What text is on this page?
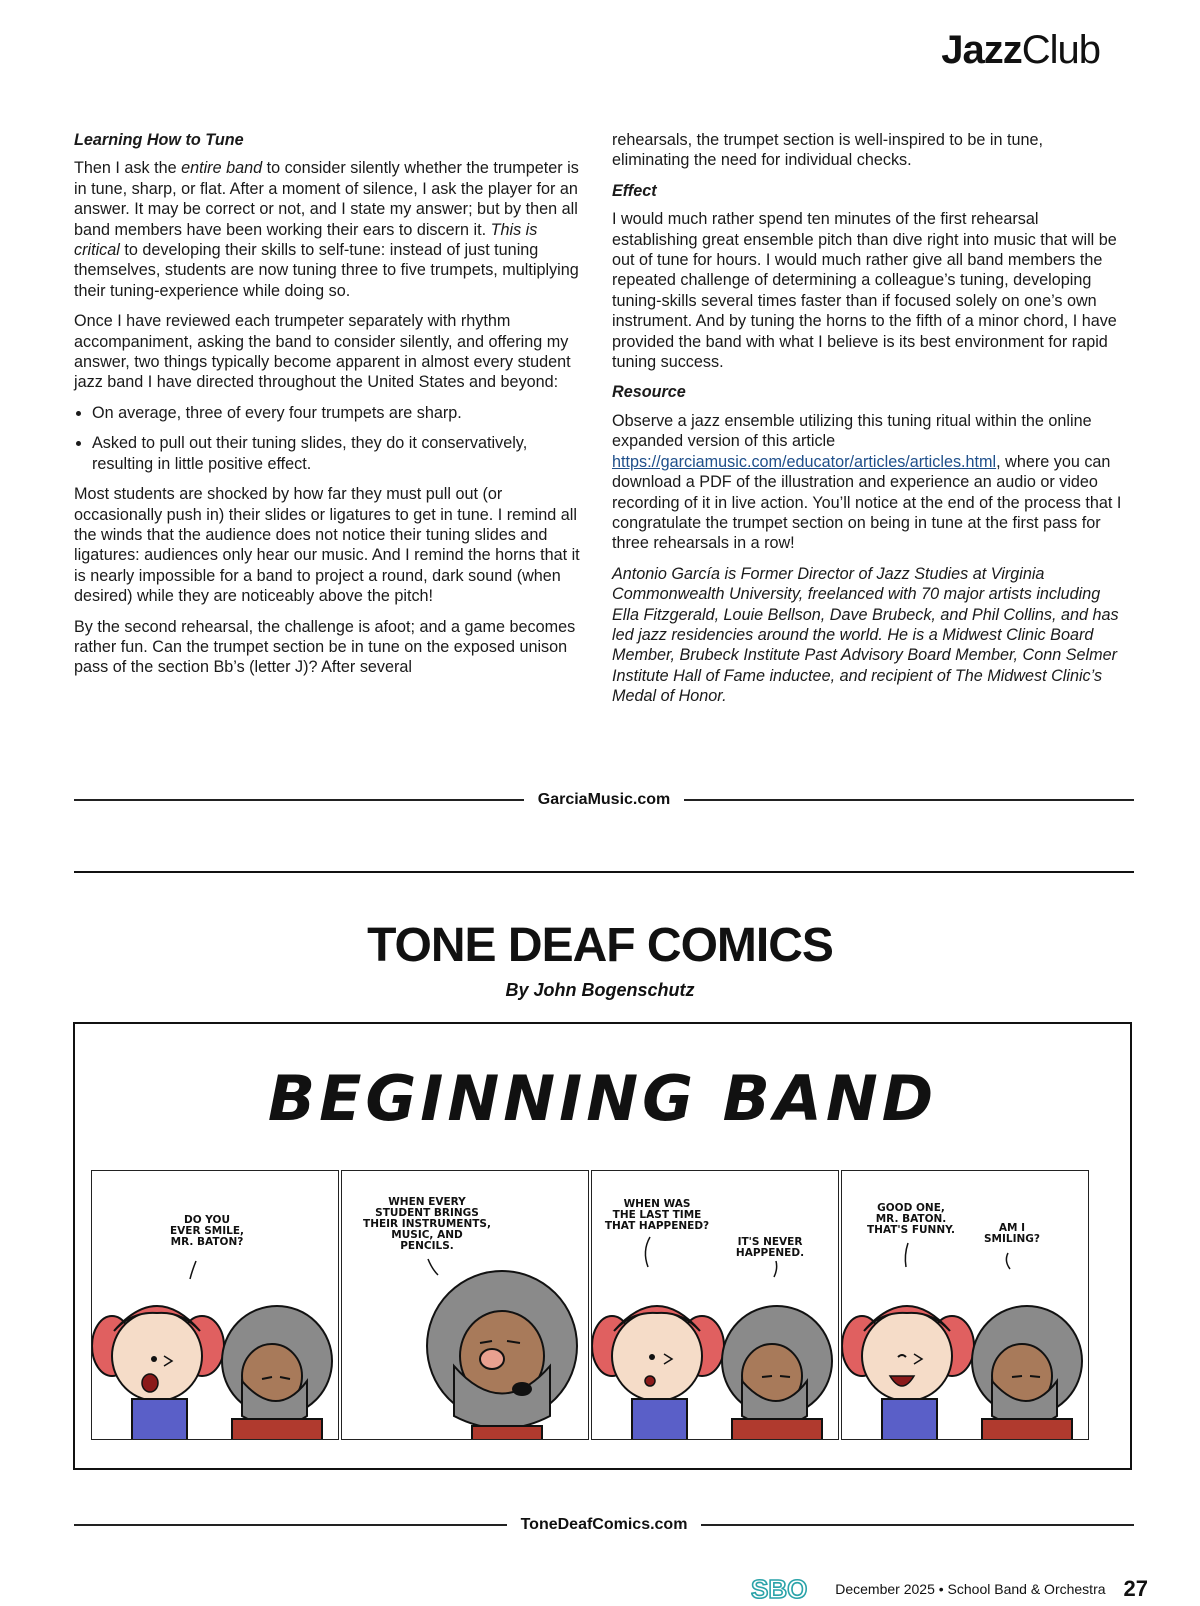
JazzClub
Learning How to Tune

Then I ask the entire band to consider silently whether the trumpeter is in tune, sharp, or flat. After a moment of silence, I ask the player for an answer. It may be correct or not, and I state my answer; but by then all band members have been working their ears to discern it. This is critical to developing their skills to self-tune: instead of just tuning themselves, students are now tuning three to five trumpets, multiplying their tuning-experience while doing so.

Once I have reviewed each trumpeter separately with rhythm accompaniment, asking the band to consider silently, and offering my answer, two things typically become apparent in almost every student jazz band I have directed throughout the United States and beyond:

• On average, three of every four trumpets are sharp.
• Asked to pull out their tuning slides, they do it conservatively, resulting in little positive effect.

Most students are shocked by how far they must pull out (or occasionally push in) their slides or ligatures to get in tune. I remind all the winds that the audience does not notice their tuning slides and ligatures: audiences only hear our music. And I remind the horns that it is nearly impossible for a band to project a round, dark sound (when desired) while they are noticeably above the pitch!

By the second rehearsal, the challenge is afoot; and a game becomes rather fun. Can the trumpet section be in tune on the exposed unison pass of the section Bb’s (letter J)? After several

rehearsals, the trumpet section is well-inspired to be in tune, eliminating the need for individual checks.

Effect

I would much rather spend ten minutes of the first rehearsal establishing great ensemble pitch than dive right into music that will be out of tune for hours. I would much rather give all band members the repeated challenge of determining a colleague’s tuning, developing tuning-skills several times faster than if focused solely on one’s own instrument. And by tuning the horns to the fifth of a minor chord, I have provided the band with what I believe is its best environment for rapid tuning success.

Resource

Observe a jazz ensemble utilizing this tuning ritual within the online expanded version of this article https://garciamusic.com/educator/articles/articles.html, where you can download a PDF of the illustration and experience an audio or video recording of it in live action. You’ll notice at the end of the process that I congratulate the trumpet section on being in tune at the first pass for three rehearsals in a row!

Antonio García is Former Director of Jazz Studies at Virginia Commonwealth University, freelanced with 70 major artists including Ella Fitzgerald, Louie Bellson, Dave Brubeck, and Phil Collins, and has led jazz residencies around the world. He is a Midwest Clinic Board Member, Brubeck Institute Past Advisory Board Member, Conn Selmer Institute Hall of Fame inductee, and recipient of The Midwest Clinic’s Medal of Honor.

GarciaMusic.com
TONE DEAF COMICS
By John Bogenschutz
BEGINNING BAND
DO YOU
EVER SMILE,
MR. BATON?
WHEN EVERY
STUDENT BRINGS
THEIR INSTRUMENTS,
MUSIC, AND
PENCILS.
WHEN WAS
THE LAST TIME
THAT HAPPENED?
IT'S NEVER
HAPPENED.
GOOD ONE,
MR. BATON.
THAT'S FUNNY.	AM I
SMILING?
ToneDeafComics.com
SBO December 2025 • School Band & Orchestra 27
